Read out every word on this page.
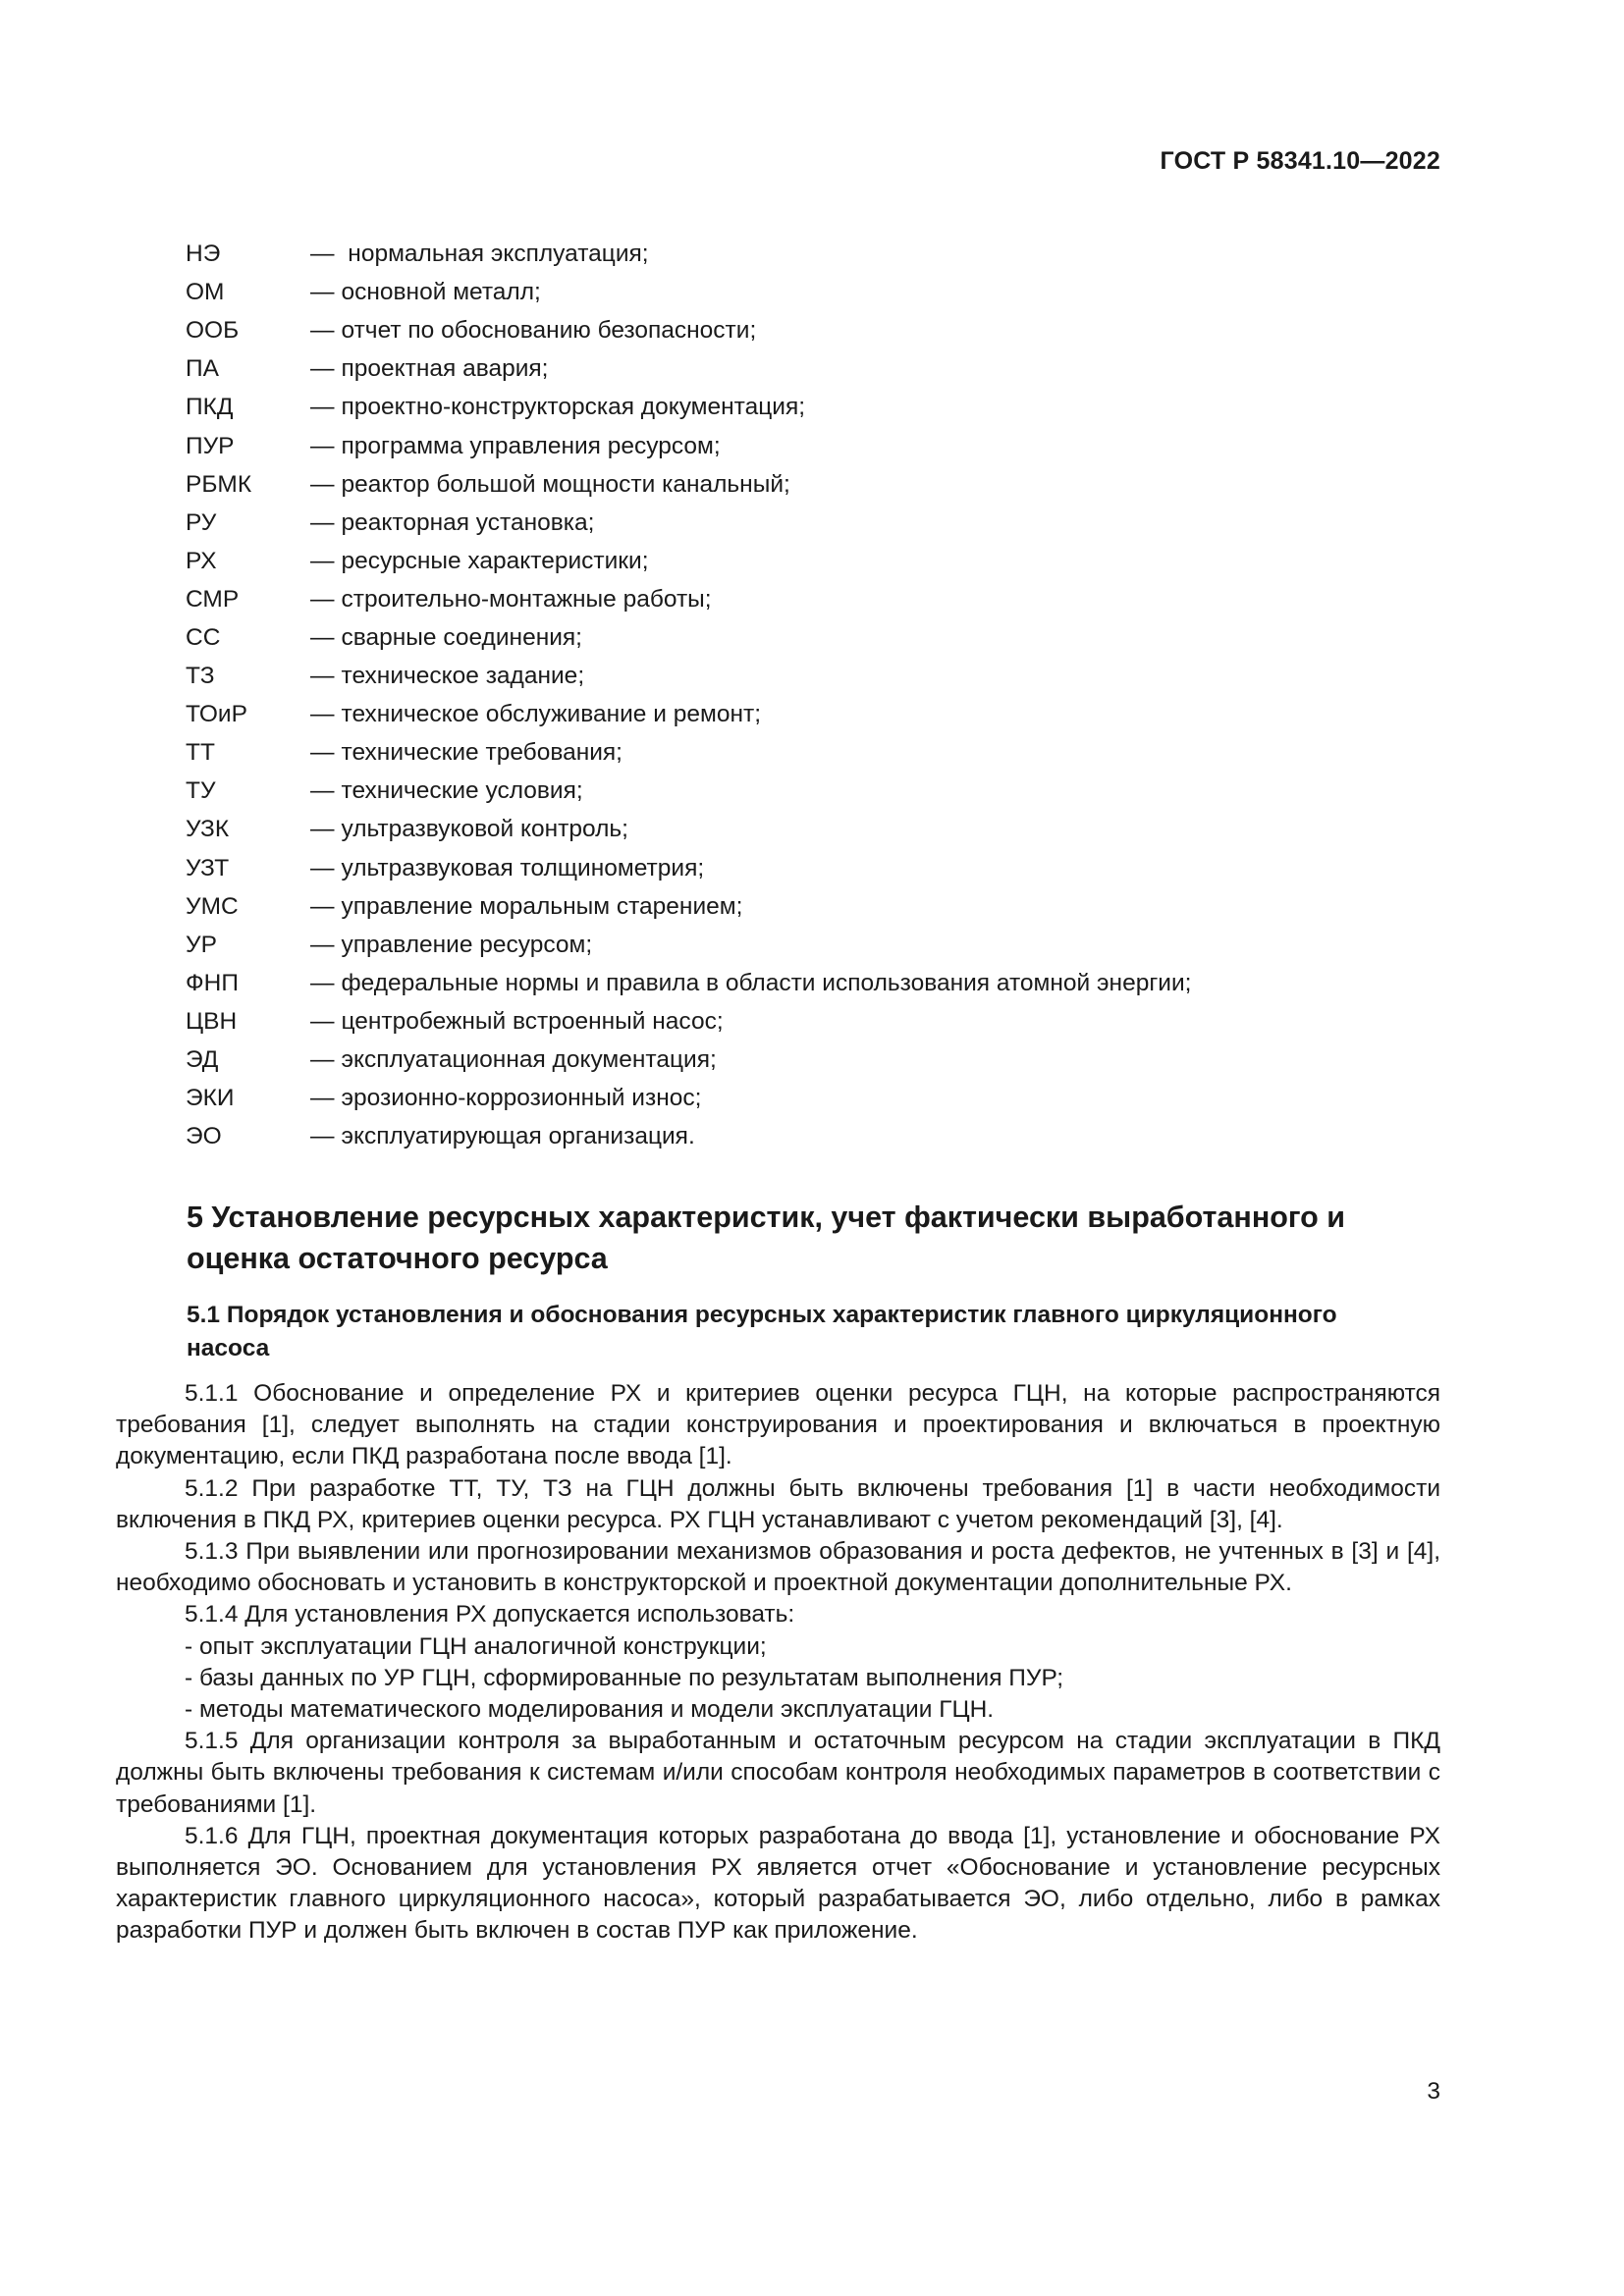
ГОСТ Р 58341.10—2022
НЭ	— нормальная эксплуатация;
ОМ	— основной металл;
ООБ	— отчет по обоснованию безопасности;
ПА	— проектная авария;
ПКД	— проектно-конструкторская документация;
ПУР	— программа управления ресурсом;
РБМК	— реактор большой мощности канальный;
РУ	— реакторная установка;
РХ	— ресурсные характеристики;
СМР	— строительно-монтажные работы;
СС	— сварные соединения;
ТЗ	— техническое задание;
ТОиР	— техническое обслуживание и ремонт;
ТТ	— технические требования;
ТУ	— технические условия;
УЗК	— ультразвуковой контроль;
УЗТ	— ультразвуковая толщинометрия;
УМС	— управление моральным старением;
УР	— управление ресурсом;
ФНП	— федеральные нормы и правила в области использования атомной энергии;
ЦВН	— центробежный встроенный насос;
ЭД	— эксплуатационная документация;
ЭКИ	— эрозионно-коррозионный износ;
ЭО	— эксплуатирующая организация.
5 Установление ресурсных характеристик, учет фактически выработанного и оценка остаточного ресурса
5.1 Порядок установления и обоснования ресурсных характеристик главного циркуляционного насоса

5.1.1 Обоснование и определение РХ и критериев оценки ресурса ГЦН, на которые распространяются требования [1], следует выполнять на стадии конструирования и проектирования и включаться в проектную документацию, если ПКД разработана после ввода [1].

5.1.2 При разработке ТТ, ТУ, ТЗ на ГЦН должны быть включены требования [1] в части необходимости включения в ПКД РХ, критериев оценки ресурса. РХ ГЦН устанавливают с учетом рекомендаций [3], [4].

5.1.3 При выявлении или прогнозировании механизмов образования и роста дефектов, не учтенных в [3] и [4], необходимо обосновать и установить в конструкторской и проектной документации дополнительные РХ.

5.1.4 Для установления РХ допускается использовать:

- опыт эксплуатации ГЦН аналогичной конструкции;

- базы данных по УР ГЦН, сформированные по результатам выполнения ПУР;

- методы математического моделирования и модели эксплуатации ГЦН.

5.1.5 Для организации контроля за выработанным и остаточным ресурсом на стадии эксплуатации в ПКД должны быть включены требования к системам и/или способам контроля необходимых параметров в соответствии с требованиями [1].

5.1.6 Для ГЦН, проектная документация которых разработана до ввода [1], установление и обоснование РХ выполняется ЭО. Основанием для установления РХ является отчет «Обоснование и установление ресурсных характеристик главного циркуляционного насоса», который разрабатывается ЭО, либо отдельно, либо в рамках разработки ПУР и должен быть включен в состав ПУР как приложение.

3
